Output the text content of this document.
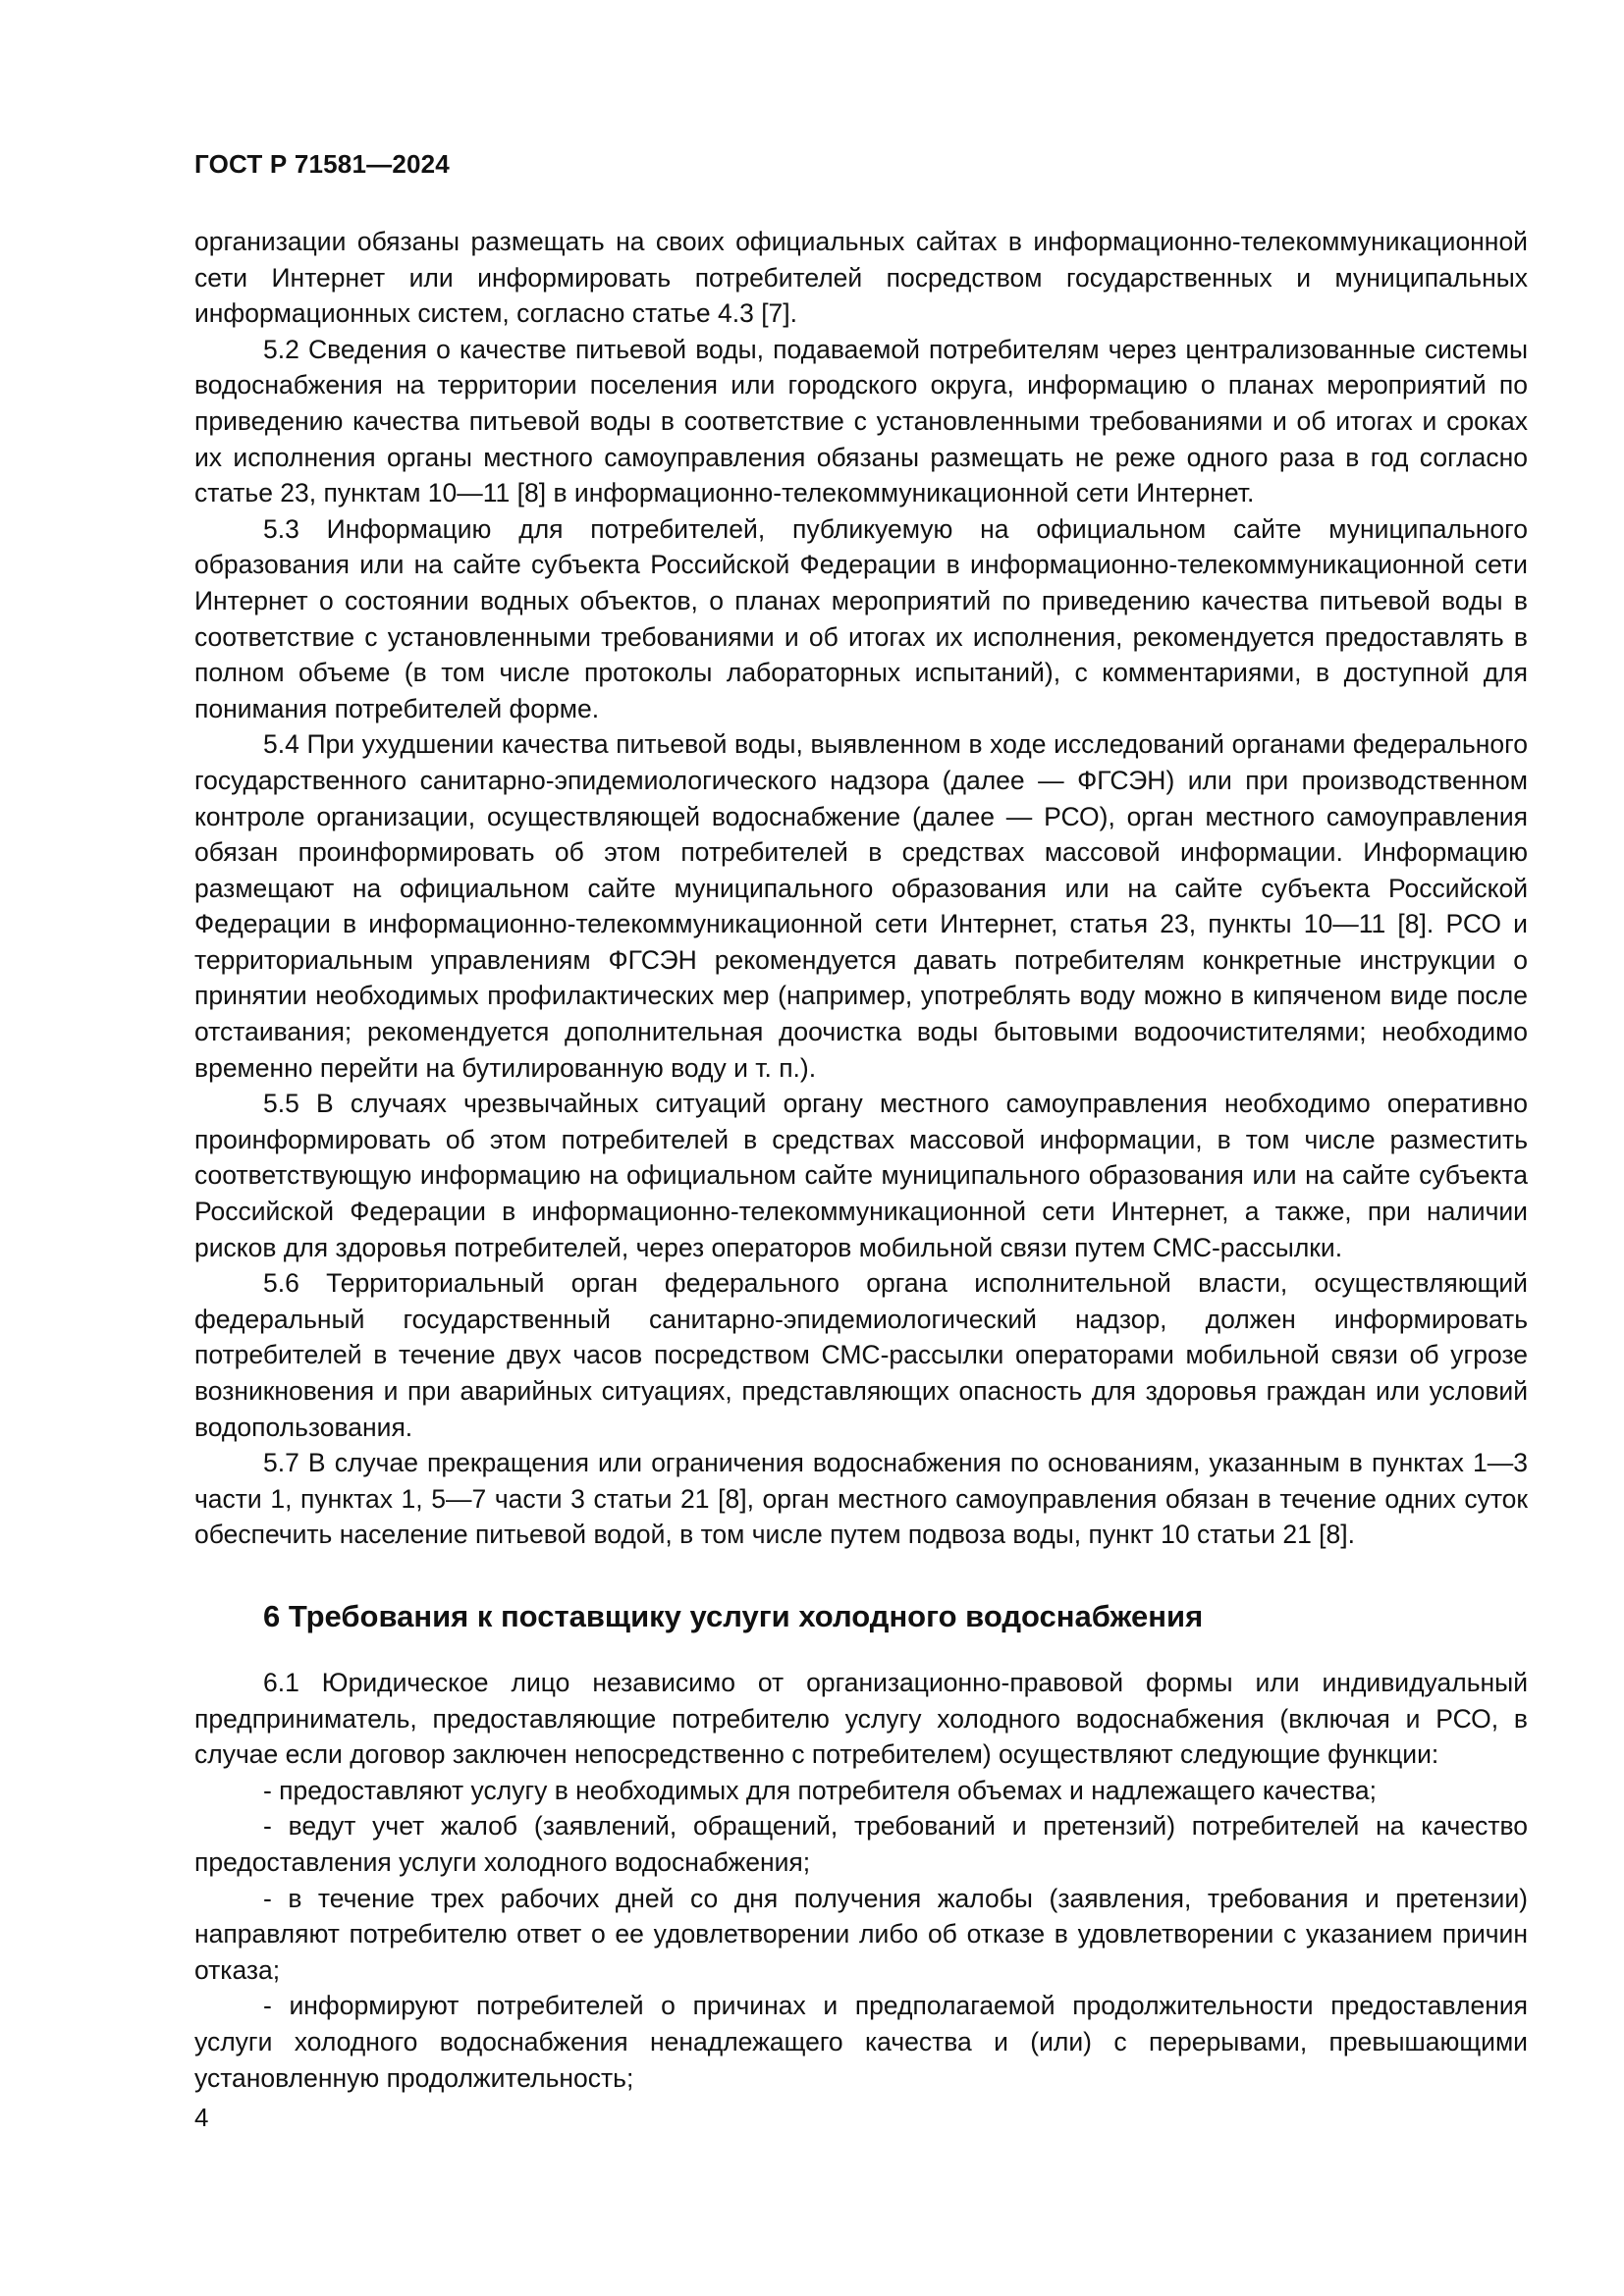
ГОСТ Р 71581—2024

организации обязаны размещать на своих официальных сайтах в информационно-телекоммуникационной сети Интернет или информировать потребителей посредством государственных и муниципальных информационных систем, согласно статье 4.3 [7].

5.2 Сведения о качестве питьевой воды, подаваемой потребителям через централизованные системы водоснабжения на территории поселения или городского округа, информацию о планах мероприятий по приведению качества питьевой воды в соответствие с установленными требованиями и об итогах и сроках их исполнения органы местного самоуправления обязаны размещать не реже одного раза в год согласно статье 23, пунктам 10—11 [8] в информационно-телекоммуникационной сети Интернет.

5.3 Информацию для потребителей, публикуемую на официальном сайте муниципального образования или на сайте субъекта Российской Федерации в информационно-телекоммуникационной сети Интернет о состоянии водных объектов, о планах мероприятий по приведению качества питьевой воды в соответствие с установленными требованиями и об итогах их исполнения, рекомендуется предоставлять в полном объеме (в том числе протоколы лабораторных испытаний), с комментариями, в доступной для понимания потребителей форме.

5.4 При ухудшении качества питьевой воды, выявленном в ходе исследований органами федерального государственного санитарно-эпидемиологического надзора (далее — ФГСЭН) или при производственном контроле организации, осуществляющей водоснабжение (далее — РСО), орган местного самоуправления обязан проинформировать об этом потребителей в средствах массовой информации. Информацию размещают на официальном сайте муниципального образования или на сайте субъекта Российской Федерации в информационно-телекоммуникационной сети Интернет, статья 23, пункты 10—11 [8]. РСО и территориальным управлениям ФГСЭН рекомендуется давать потребителям конкретные инструкции о принятии необходимых профилактических мер (например, употреблять воду можно в кипяченом виде после отстаивания; рекомендуется дополнительная доочистка воды бытовыми водоочистителями; необходимо временно перейти на бутилированную воду и т. п.).

5.5 В случаях чрезвычайных ситуаций органу местного самоуправления необходимо оперативно проинформировать об этом потребителей в средствах массовой информации, в том числе разместить соответствующую информацию на официальном сайте муниципального образования или на сайте субъекта Российской Федерации в информационно-телекоммуникационной сети Интернет, а также, при наличии рисков для здоровья потребителей, через операторов мобильной связи путем СМС-рассылки.

5.6 Территориальный орган федерального органа исполнительной власти, осуществляющий федеральный государственный санитарно-эпидемиологический надзор, должен информировать потребителей в течение двух часов посредством СМС-рассылки операторами мобильной связи об угрозе возникновения и при аварийных ситуациях, представляющих опасность для здоровья граждан или условий водопользования.

5.7 В случае прекращения или ограничения водоснабжения по основаниям, указанным в пунктах 1—3 части 1, пунктах 1, 5—7 части 3 статьи 21 [8], орган местного самоуправления обязан в течение одних суток обеспечить население питьевой водой, в том числе путем подвоза воды, пункт 10 статьи 21 [8].

6 Требования к поставщику услуги холодного водоснабжения

6.1 Юридическое лицо независимо от организационно-правовой формы или индивидуальный предприниматель, предоставляющие потребителю услугу холодного водоснабжения (включая и РСО, в случае если договор заключен непосредственно с потребителем) осуществляют следующие функции:

- предоставляют услугу в необходимых для потребителя объемах и надлежащего качества;

- ведут учет жалоб (заявлений, обращений, требований и претензий) потребителей на качество предоставления услуги холодного водоснабжения;

- в течение трех рабочих дней со дня получения жалобы (заявления, требования и претензии) направляют потребителю ответ о ее удовлетворении либо об отказе в удовлетворении с указанием причин отказа;

- информируют потребителей о причинах и предполагаемой продолжительности предоставления услуги холодного водоснабжения ненадлежащего качества и (или) с перерывами, превышающими установленную продолжительность;

4
